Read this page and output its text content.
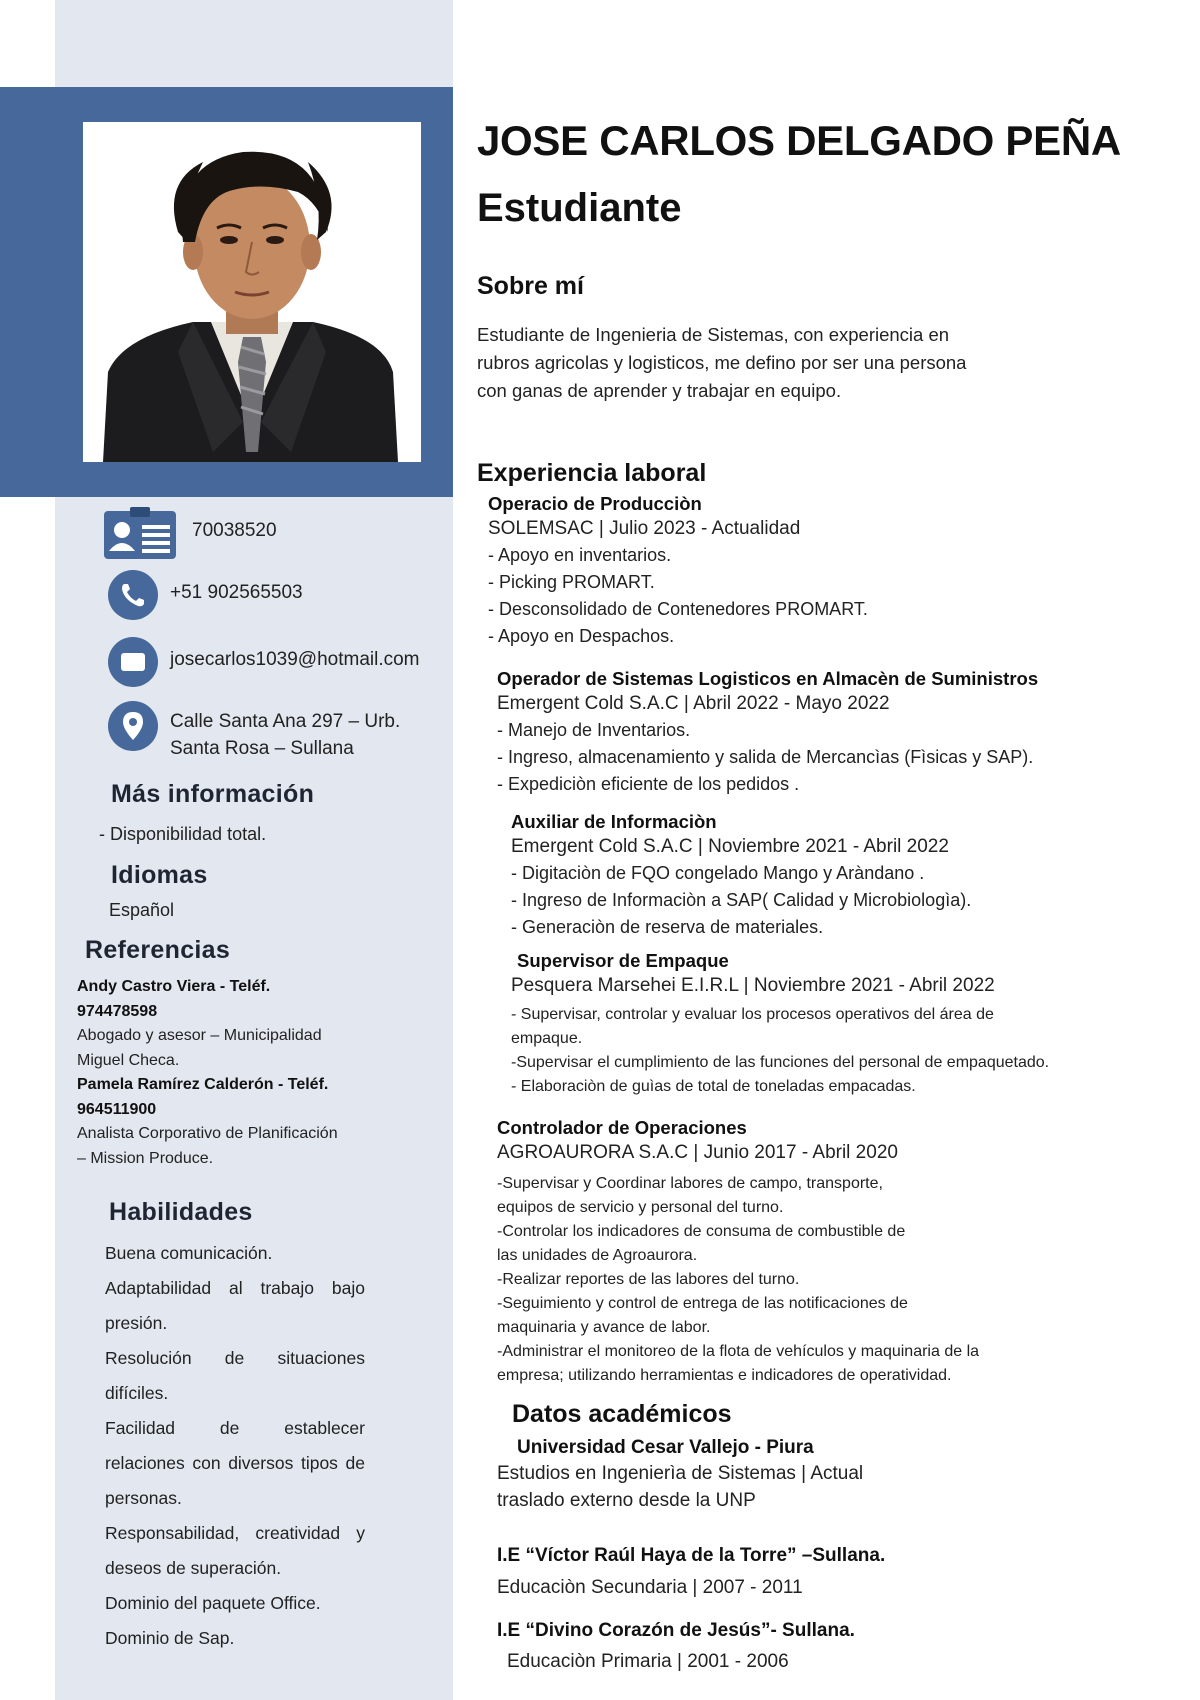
70038520
+51 902565503
josecarlos1039@hotmail.com
Calle Santa Ana 297 – Urb.
Santa Rosa – Sullana
Más información
- Disponibilidad total.
Idiomas
Español
Referencias
Andy Castro Viera - Teléf. 974478598
Abogado y asesor – Municipalidad Miguel Checa.
Pamela Ramírez Calderón - Teléf. 964511900
Analista Corporativo de Planificación – Mission Produce.
Habilidades
Buena comunicación.
Adaptabilidad al trabajo bajo presión.
Resolución de situaciones difíciles.
Facilidad de establecer relaciones con diversos tipos de personas.
Responsabilidad, creatividad y deseos de superación.
Dominio del paquete Office.
Dominio de Sap.
JOSE CARLOS DELGADO PEÑA
Estudiante
Sobre mí
Estudiante de Ingenieria de Sistemas, con experiencia en
rubros agricolas y logisticos, me defino por ser una persona
con ganas de aprender y trabajar en equipo.
Experiencia laboral
Operacio de Producciòn
SOLEMSAC | Julio 2023 - Actualidad
- Apoyo en inventarios.
- Picking PROMART.
- Desconsolidado de Contenedores PROMART.
- Apoyo en Despachos.
Operador de Sistemas Logisticos en Almacèn de Suministros
Emergent Cold S.A.C | Abril 2022 - Mayo 2022
- Manejo de Inventarios.
- Ingreso, almacenamiento y salida de Mercancìas (Fìsicas y SAP).
- Expediciòn eficiente de los pedidos .
Auxiliar de Informaciòn
Emergent Cold S.A.C | Noviembre 2021 - Abril 2022
- Digitaciòn de FQO congelado Mango y Aràndano .
- Ingreso de Informaciòn a SAP( Calidad y Microbiologìa).
- Generaciòn de reserva de materiales.
Supervisor de Empaque
Pesquera Marsehei E.I.R.L | Noviembre 2021 - Abril 2022
- Supervisar, controlar y evaluar los procesos operativos del área de
empaque.
-Supervisar el cumplimiento de las funciones del personal de empaquetado.
- Elaboraciòn de guìas de total de toneladas empacadas.
Controlador de Operaciones
AGROAURORA S.A.C | Junio 2017 - Abril 2020
-Supervisar y Coordinar labores de campo, transporte,
equipos de servicio y personal del turno.
-Controlar los indicadores de consuma de combustible de
las unidades de Agroaurora.
-Realizar reportes de las labores del turno.
-Seguimiento y control de entrega de las notificaciones de
maquinaria y avance de labor.
-Administrar el monitoreo de la flota de vehículos y maquinaria de la
empresa; utilizando herramientas e indicadores de operatividad.
Datos académicos
Universidad Cesar Vallejo - Piura
Estudios en Ingenierìa de Sistemas | Actual
traslado externo desde la UNP
I.E “Víctor Raúl Haya de la Torre” –Sullana.
Educaciòn Secundaria | 2007 - 2011
I.E “Divino Corazón de Jesús”- Sullana.
Educaciòn Primaria | 2001 - 2006
